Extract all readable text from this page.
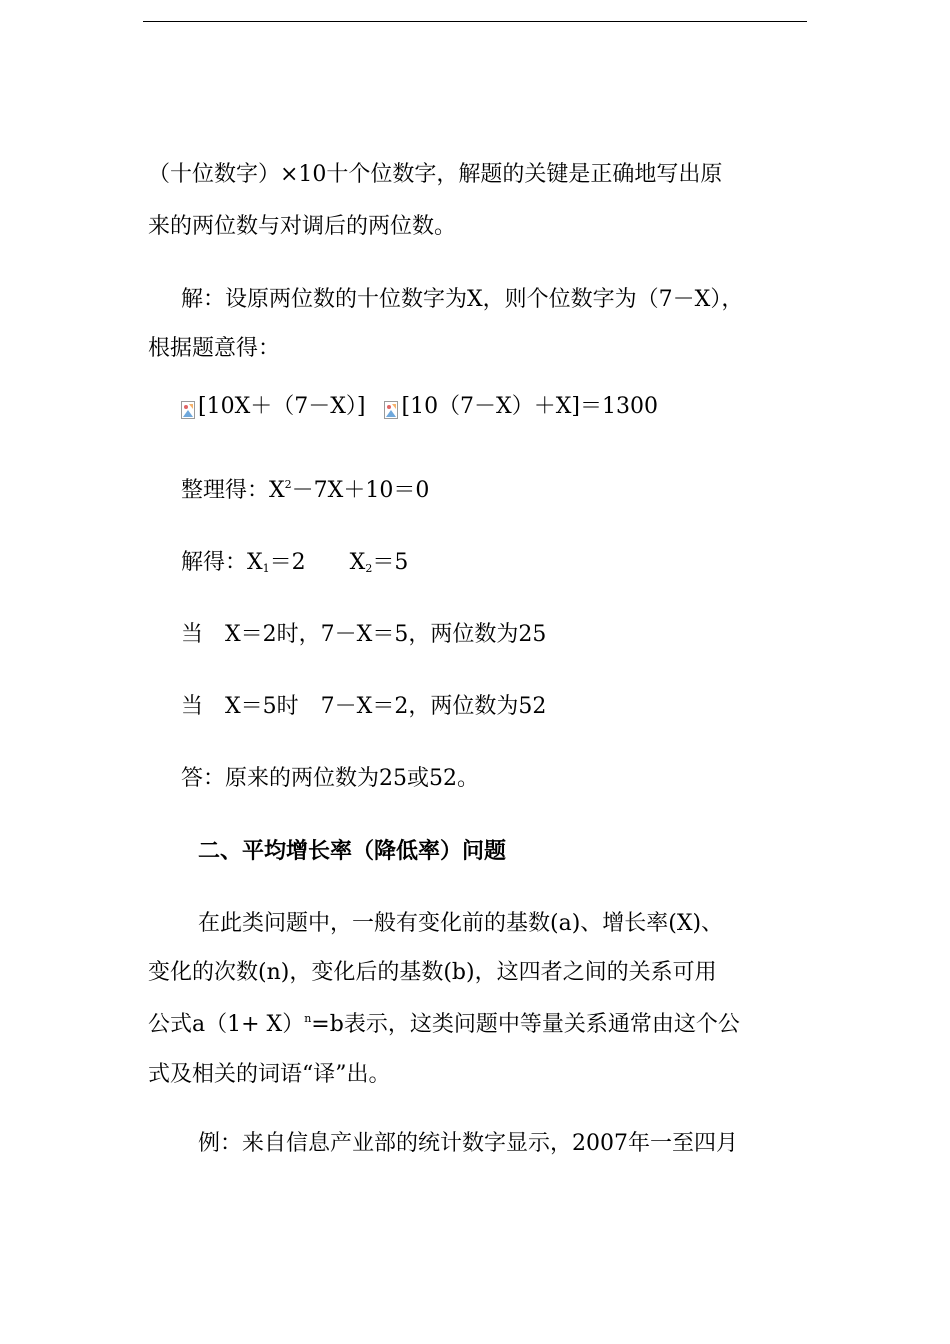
（十位数字）×10十个位数字，解题的关键是正确地写出原
来的两位数与对调后的两位数。
解：设原两位数的十位数字为X，则个位数字为（7－X），
根据题意得：
[10X＋（7－X）] [10（7－X）＋X]＝1300
整理得：$X^2-7X+10=0$
解得：$X_1=2$　　$X_2=5$
当　X＝2时，7－X＝5，两位数为25
当　X＝5时　7－X＝2，两位数为52
答：原来的两位数为25或52。
二、平均增长率（降低率）问题
在此类问题中，一般有变化前的基数(a)、增长率(X)、
变化的次数(n)，变化后的基数(b)，这四者之间的关系可用
公式$a(1+ X)^n=b$表示，这类问题中等量关系通常由这个公
式及相关的词语“译”出。
例：来自信息产业部的统计数字显示，2007年一至四月
